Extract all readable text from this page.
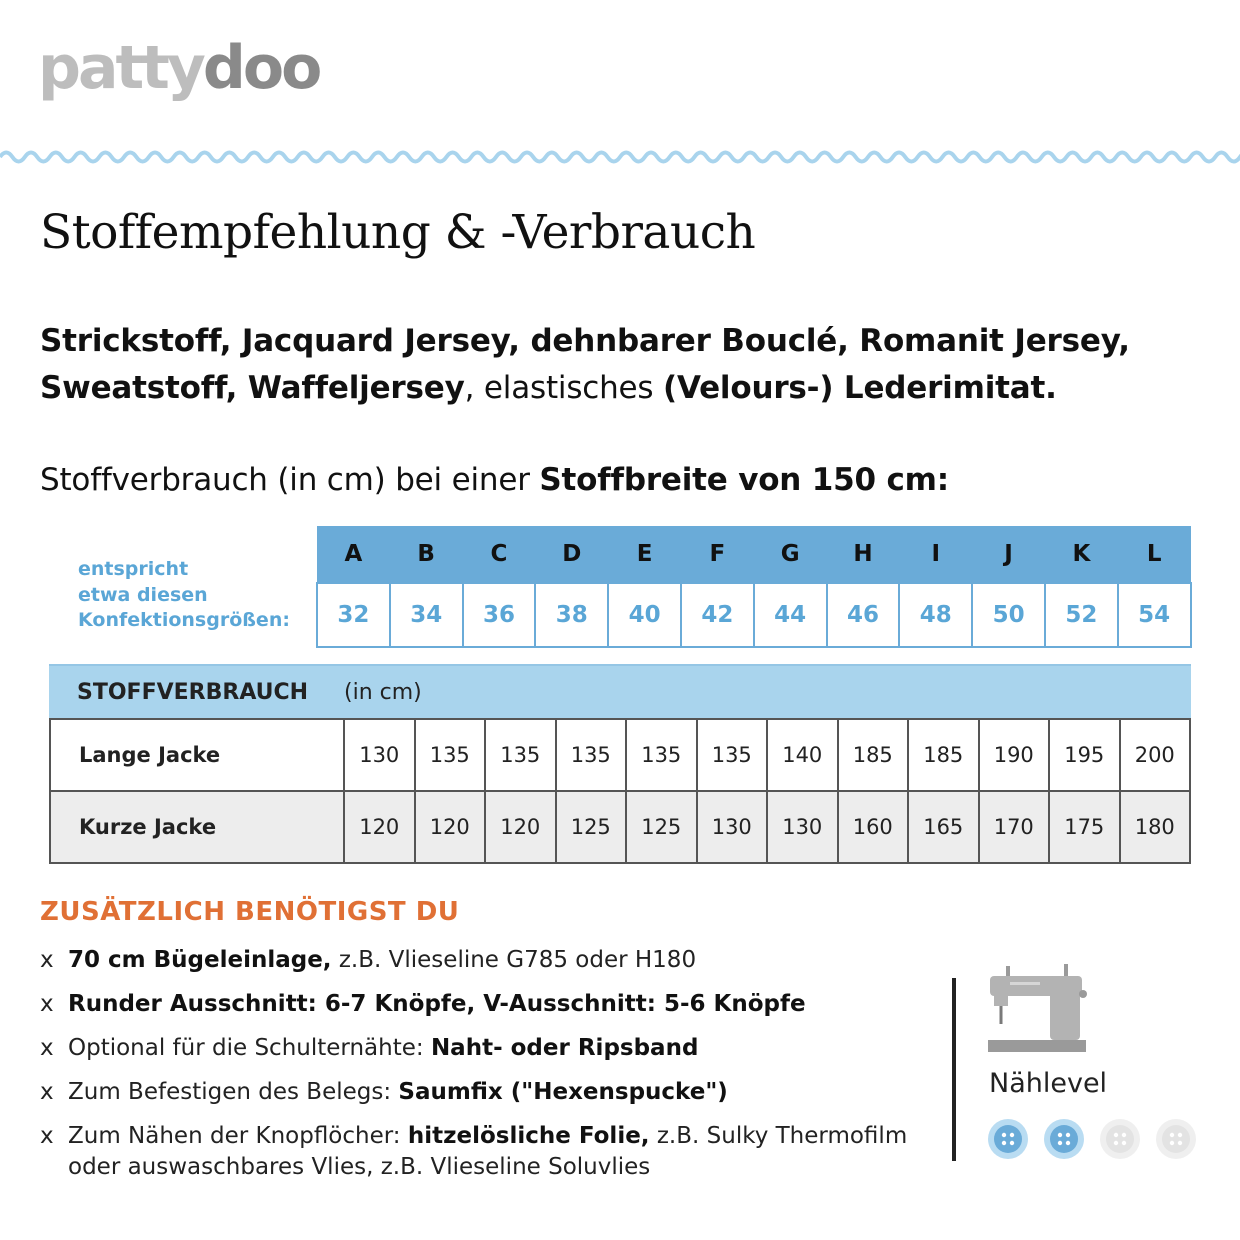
pattydoo
Stoffempfehlung & -Verbrauch
Strickstoff, Jacquard Jersey, dehnbarer Bouclé, Romanit Jersey,
Sweatstoff, Waffeljersey, elastisches (Velours-) Lederimitat.
Stoffverbrauch (in cm) bei einer Stoffbreite von 150 cm:
entspricht
etwa diesen
Konfektionsgrößen:
A	B	C	D	E	F	G	H	I	J	K	L
32	34	36	38	40	42	44	46	48	50	52	54
STOFFVERBRAUCH (in cm)
Lange Jacke	130	135	135	135	135	135	140	185	185	190	195	200
Kurze Jacke	120	120	120	125	125	130	130	160	165	170	175	180
ZUSÄTZLICH BENÖTIGST DU
x 70 cm Bügeleinlage, z.B. Vlieseline G785 oder H180
x Runder Ausschnitt: 6-7 Knöpfe, V-Ausschnitt: 5-6 Knöpfe
x Optional für die Schulternähte: Naht- oder Ripsband
x Zum Befestigen des Belegs: Saumfix ("Hexenspucke")
x Zum Nähen der Knopflöcher: hitzelösliche Folie, z.B. Sulky Thermofilm oder auswaschbares Vlies, z.B. Vlieseline Soluvlies
Nählevel
